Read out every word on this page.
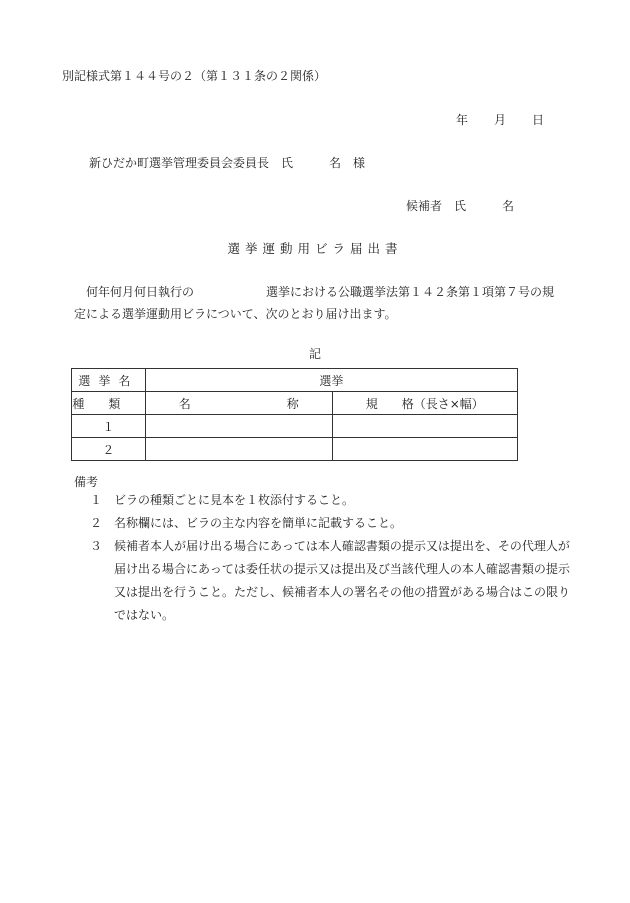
別記様式第１４４号の２（第１３１条の２関係）
年 月 日
新ひだか町選挙管理委員会委員長　氏　　　名　様
候補者　氏　　　名
選挙運動用ビラ届出書
何年何月何日執行の　　　　　　選挙における公職選挙法第１４２条第１項第７号の規
定による選挙運動用ビラについて、次のとおり届け出ます。
記
選挙名	選挙	
種類	名　　　　　　　　称	規　　格（長さ×幅）
１		
２		
備考
１ ビラの種類ごとに見本を１枚添付すること。
２ 名称欄には、ビラの主な内容を簡単に記載すること。
３ 候補者本人が届け出る場合にあっては本人確認書類の提示又は提出を、その代理人が届け出る場合にあっては委任状の提示又は提出及び当該代理人の本人確認書類の提示又は提出を行うこと。ただし、候補者本人の署名その他の措置がある場合はこの限りではない。
